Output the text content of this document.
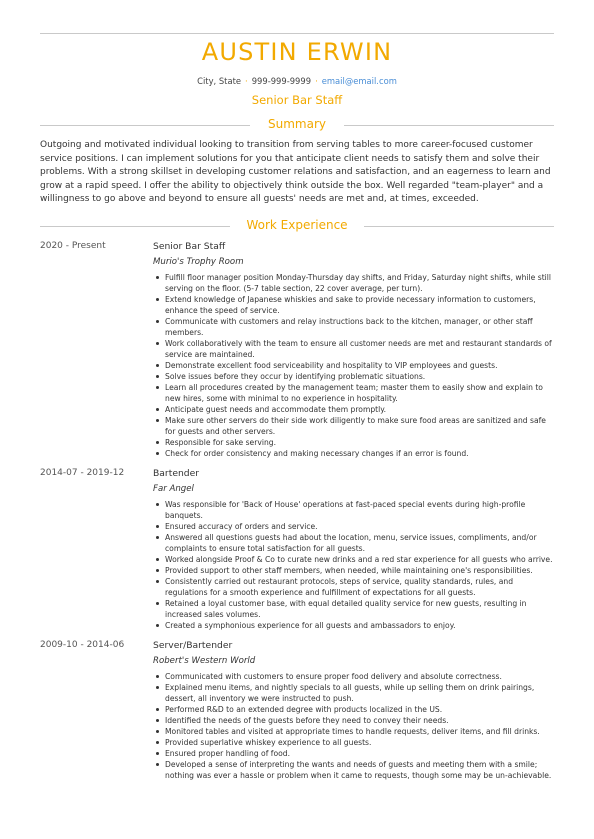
AUSTIN ERWIN
City, State · 999-999-9999 · email@email.com
Senior Bar Staff
Summary

Outgoing and motivated individual looking to transition from serving tables to more career-focused customer service positions. I can implement solutions for you that anticipate client needs to satisfy them and solve their problems. With a strong skillset in developing customer relations and satisfaction, and an eagerness to learn and grow at a rapid speed. I offer the ability to objectively think outside the box. Well regarded "team-player" and a willingness to go above and beyond to ensure all guests' needs are met and, at times, exceeded.

Work Experience
2020 - Present	Senior Bar Staff
Murio's Trophy Room
Fulfill floor manager position Monday-Thursday day shifts, and Friday, Saturday night shifts, while still serving on the floor. (5-7 table section, 22 cover average, per turn).
Extend knowledge of Japanese whiskies and sake to provide necessary information to customers, enhance the speed of service.
Communicate with customers and relay instructions back to the kitchen, manager, or other staff members.
Work collaboratively with the team to ensure all customer needs are met and restaurant standards of service are maintained.
Demonstrate excellent food serviceability and hospitality to VIP employees and guests.
Solve issues before they occur by identifying problematic situations.
Learn all procedures created by the management team; master them to easily show and explain to new hires, some with minimal to no experience in hospitality.
Anticipate guest needs and accommodate them promptly.
Make sure other servers do their side work diligently to make sure food areas are sanitized and safe for guests and other servers.
Responsible for sake serving.
Check for order consistency and making necessary changes if an error is found.
2014-07 - 2019-12	Bartender
Far Angel
Was responsible for 'Back of House' operations at fast-paced special events during high-profile banquets.
Ensured accuracy of orders and service.
Answered all questions guests had about the location, menu, service issues, compliments, and/or complaints to ensure total satisfaction for all guests.
Worked alongside Proof & Co to curate new drinks and a red star experience for all guests who arrive.
Provided support to other staff members, when needed, while maintaining one's responsibilities.
Consistently carried out restaurant protocols, steps of service, quality standards, rules, and regulations for a smooth experience and fulfillment of expectations for all guests.
Retained a loyal customer base, with equal detailed quality service for new guests, resulting in increased sales volumes.
Created a symphonious experience for all guests and ambassadors to enjoy.
2009-10 - 2014-06	Server/Bartender
Robert's Western World
Communicated with customers to ensure proper food delivery and absolute correctness.
Explained menu items, and nightly specials to all guests, while up selling them on drink pairings, dessert, all inventory we were instructed to push.
Performed R&D to an extended degree with products localized in the US.
Identified the needs of the guests before they need to convey their needs.
Monitored tables and visited at appropriate times to handle requests, deliver items, and fill drinks.
Provided superlative whiskey experience to all guests.
Ensured proper handling of food.
Developed a sense of interpreting the wants and needs of guests and meeting them with a smile; nothing was ever a hassle or problem when it came to requests, though some may be un-achievable.
